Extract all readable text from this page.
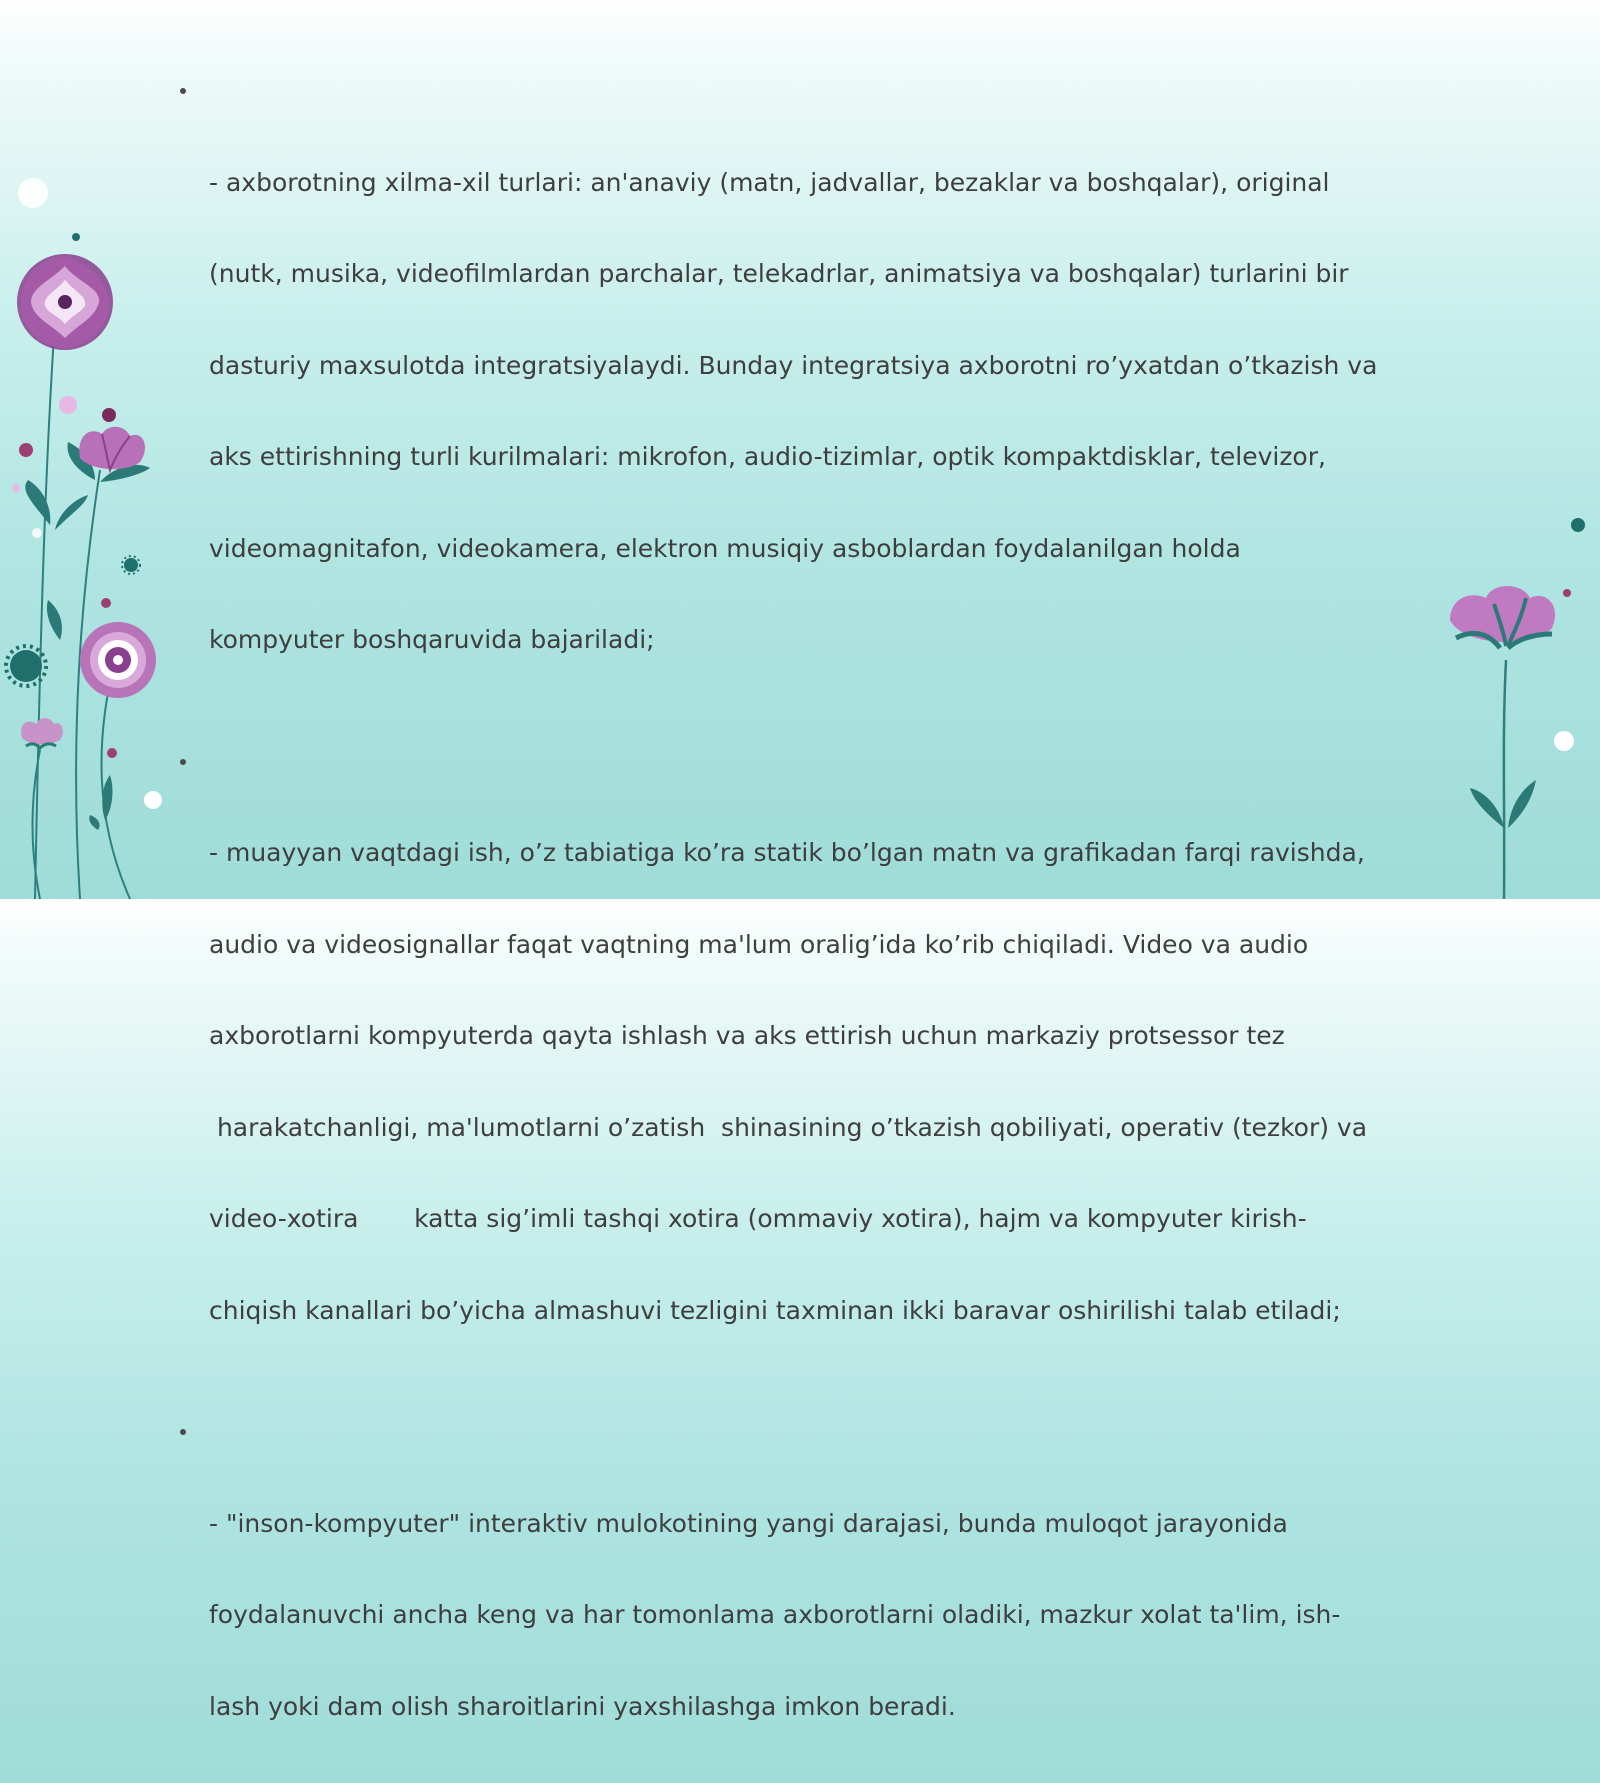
- axborotning xilma-xil turlari: an'anaviy (matn, jadvallar, bezaklar va boshqalar), original

(nutk, musika, videofilmlardan parchalar, telekadrlar, animatsiya va boshqalar) turlarini bir

dasturiy maxsulotda integratsiyalaydi. Bunday integratsiya axborotni ro’yxatdan o’tkazish va

aks ettirishning turli kurilmalari: mikrofon, audio-tizimlar, optik kompaktdisklar, televizor,

videomagnitafon, videokamera, elektron musiqiy asboblardan foydalanilgan holda

kompyuter boshqaruvida bajariladi;

- muayyan vaqtdagi ish, o’z tabiatiga ko’ra statik bo’lgan matn va grafikadan farqi ravishda,

audio va videosignallar faqat vaqtning ma'lum oralig’ida ko’rib chiqiladi. Video va audio

axborotlarni kompyuterda qayta ishlash va aks ettirish uchun markaziy protsessor tez

harakatchanligi, ma'lumotlarni o’zatish  shinasining o’tkazish qobiliyati, operativ (tezkor) va

video-xotira       katta sig’imli tashqi xotira (ommaviy xotira), hajm va kompyuter kirish-

chiqish kanallari bo’yicha almashuvi tezligini taxminan ikki baravar oshirilishi talab etiladi;

- "inson-kompyuter" interaktiv mulokotining yangi darajasi, bunda muloqot jarayonida

foydalanuvchi ancha keng va har tomonlama axborotlarni oladiki, mazkur xolat ta'lim, ish-

lash yoki dam olish sharoitlarini yaxshilashga imkon beradi.
